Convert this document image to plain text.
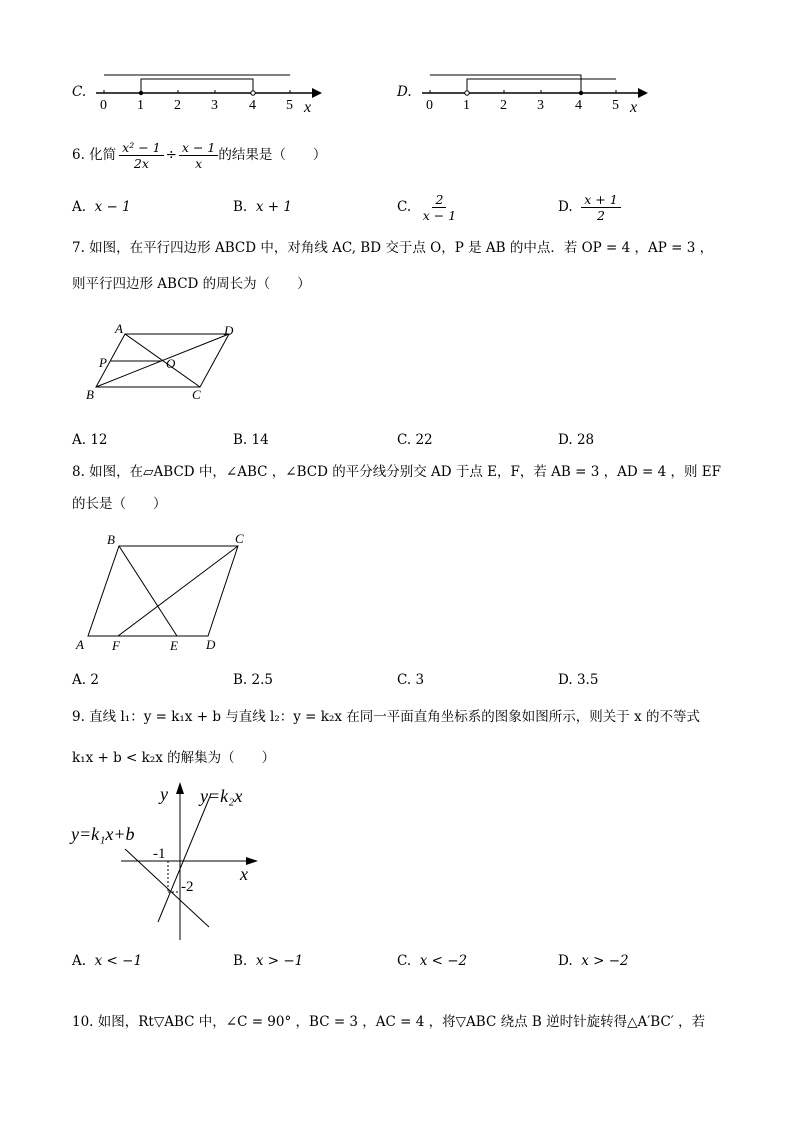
C.
0 1 2 3 4 5 x
D.
0 1 2 3 4 5 x
6. 化简 $\frac{\text{x² − 1}}{2x} \div \frac{x - 1}{x}$ 的结果是（　　）
A. x − 1	B. x + 1	C.
$\frac{2}{x - 1}$	D.
$\frac{x + 1}{2}$
7. 如图，在平行四边形 ABCD 中，对角线 AC, BD 交于点 O，P 是 AB 的中点．若 OP = 4 ，AP = 3 ，
则平行四边形 ABCD 的周长为（　　）
A	D
P	O
B	C
A. 12	B. 14	C. 22	D. 28
8. 如图，在▱ABCD 中，∠ABC ，∠BCD 的平分线分别交 AD 于点 E，F，若 AB = 3 ，AD = 4 ，则 EF
的长是（　　）
B	C
A F	E D
A. 2	B. 2.5	C. 3	D. 3.5
9. 直线 l₁：y = k₁x + b 与直线 l₂：y = k₂x 在同一平面直角坐标系的图象如图所示，则关于 x 的不等式
k₁x + b < k₂x 的解集为（　　）
y
x
y=k₂x
y=k₁x+b
-1
-2
A. x < −1	B. x > −1	C. x < −2	D. x > −2
10. 如图，Rt▽ABC 中，∠C = 90° ，BC = 3 ，AC = 4 ，将▽ABC 绕点 B 逆时针旋转得△A′BC′ ，若
